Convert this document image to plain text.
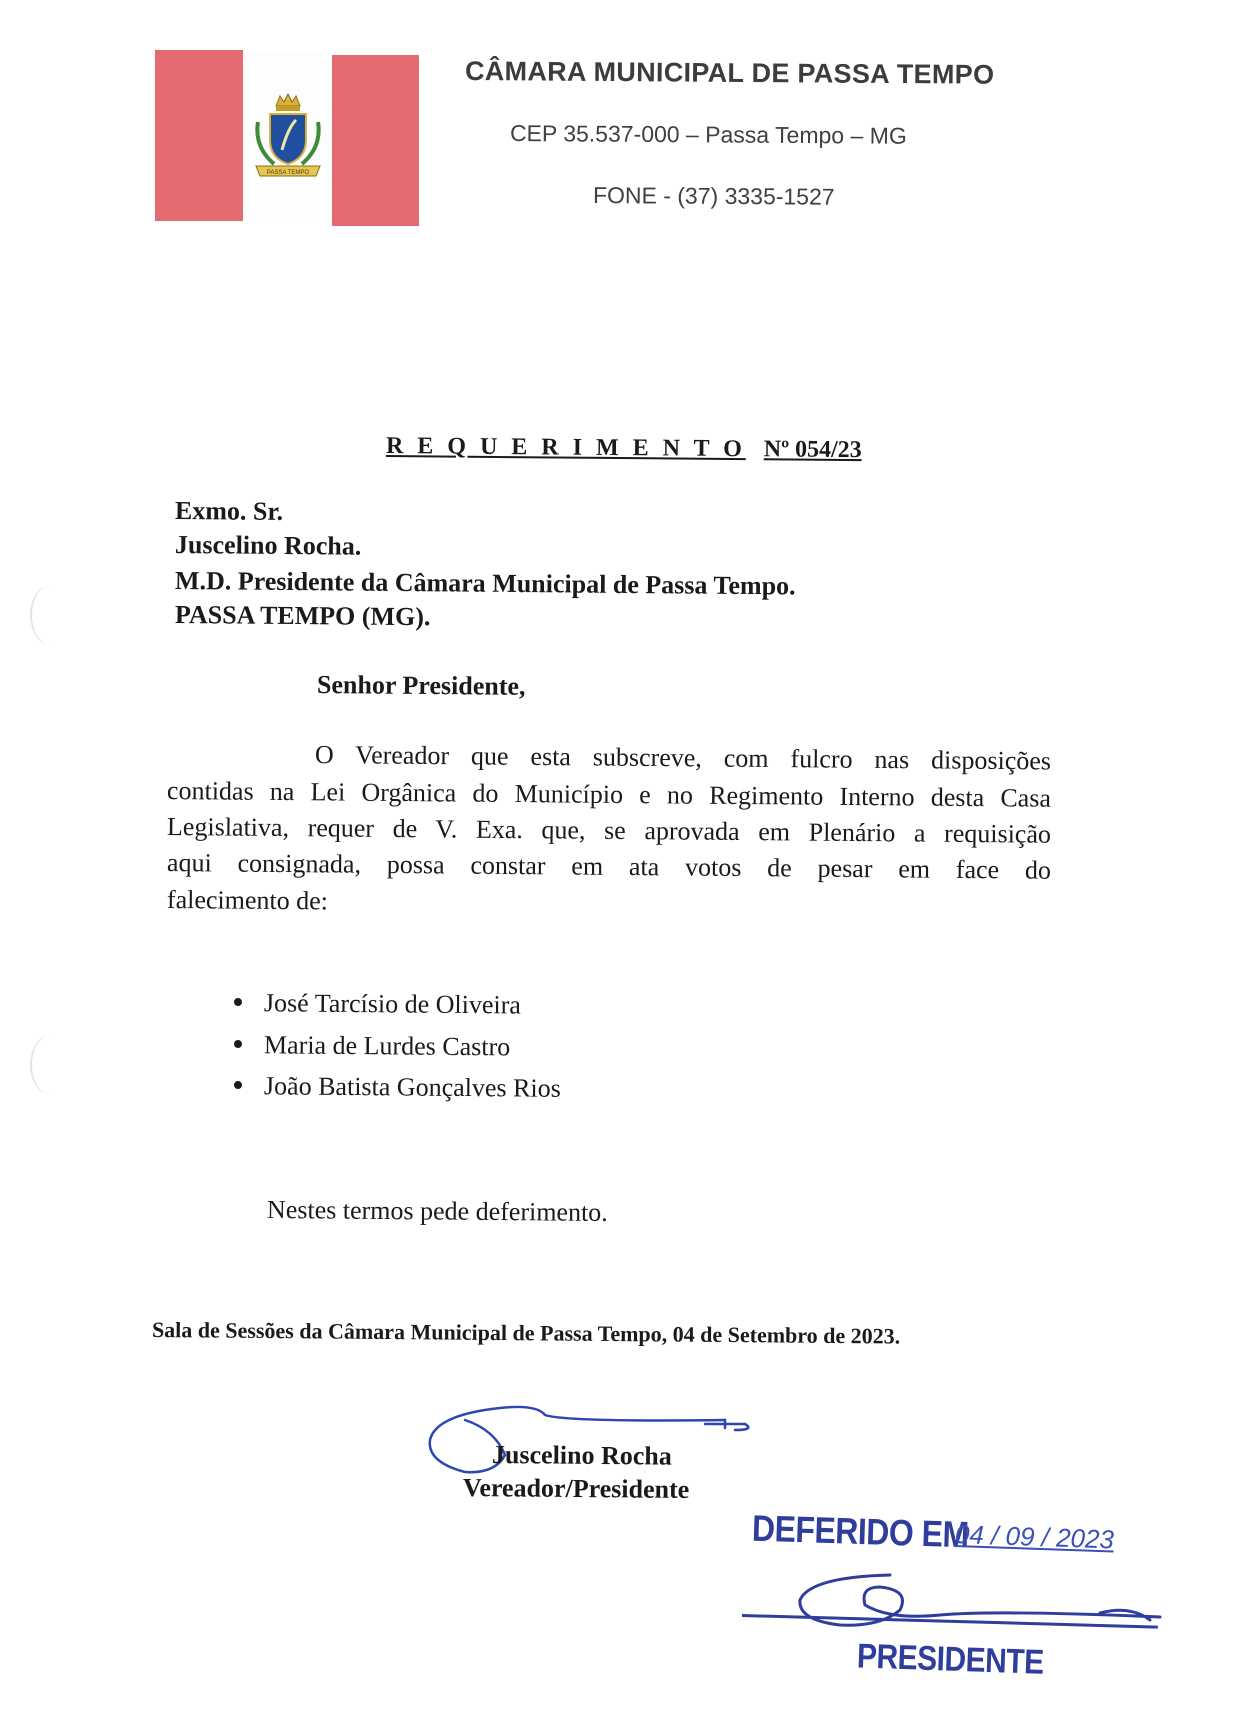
PASSA TEMPO
CÂMARA MUNICIPAL DE PASSA TEMPO
CEP 35.537-000 – Passa Tempo – MG
FONE - (37) 3335-1527
R E Q U E R I M E N T O Nº 054/23
Exmo. Sr.
Juscelino Rocha.
M.D. Presidente da Câmara Municipal de Passa Tempo.
PASSA TEMPO (MG).
Senhor Presidente,
O Vereador que esta subscreve, com fulcro nas disposições
contidas na Lei Orgânica do Município e no Regimento Interno desta Casa
Legislativa, requer de V. Exa. que, se aprovada em Plenário a requisição
aqui consignada, possa constar em ata votos de pesar em face do
falecimento de:
José Tarcísio de Oliveira
Maria de Lurdes Castro
João Batista Gonçalves Rios
Nestes termos pede deferimento.
Sala de Sessões da Câmara Municipal de Passa Tempo, 04 de Setembro de 2023.
Juscelino Rocha
Vereador/Presidente
DEFERIDO EM
04 / 09 / 2023
PRESIDENTE
